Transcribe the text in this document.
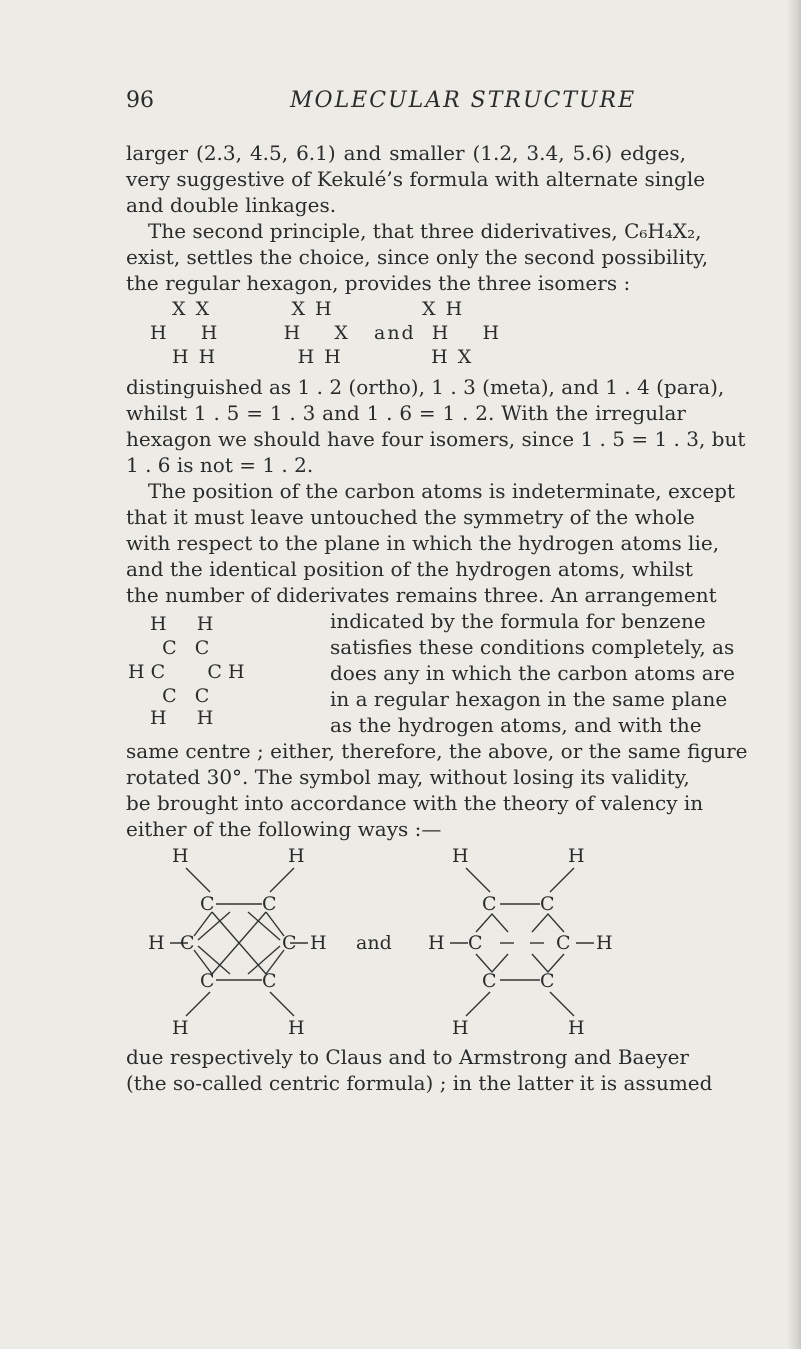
96	MOLECULAR STRUCTURE
larger (2.3, 4.5, 6.1) and smaller (1.2, 3.4, 5.6) edges,
very suggestive of Kekulé’s formula with alternate single
and double linkages.
The second principle, that three diderivatives, C₆H₄X₂,
exist, settles the choice, since only the second possibility,
the regular hexagon, provides the three isomers :
X X          X H           X H
H    H        H    X   and  H    H
H H          H H           H X
distinguished as 1 . 2 (ortho), 1 . 3 (meta), and 1 . 4 (para),
whilst 1 . 5 = 1 . 3 and 1 . 6 = 1 . 2. With the irregular
hexagon we should have four isomers, since 1 . 5 = 1 . 3, but
1 . 6 is not = 1 . 2.
The position of the carbon atoms is indeterminate, except
that it must leave untouched the symmetry of the whole
with respect to the plane in which the hydrogen atoms lie,
and the identical position of the hydrogen atoms, whilst
the number of diderivates remains three. An arrangement
H     H
C   C
H C       C H
C   C
H     H
indicated by the formula for benzene
satisfies these conditions completely, as
does any in which the carbon atoms are
in a regular hexagon in the same plane
as the hydrogen atoms, and with the
same centre ; either, therefore, the above, or the same figure
rotated 30°. The symbol may, without losing its validity,
be brought into accordance with the theory of valency in
either of the following ways :—
H	H
C C
H C	C H
C C
H	H
and
H	H
C C
H C	C H
C C
H	H
due respectively to Claus and to Armstrong and Baeyer
(the so-called centric formula) ; in the latter it is assumed
